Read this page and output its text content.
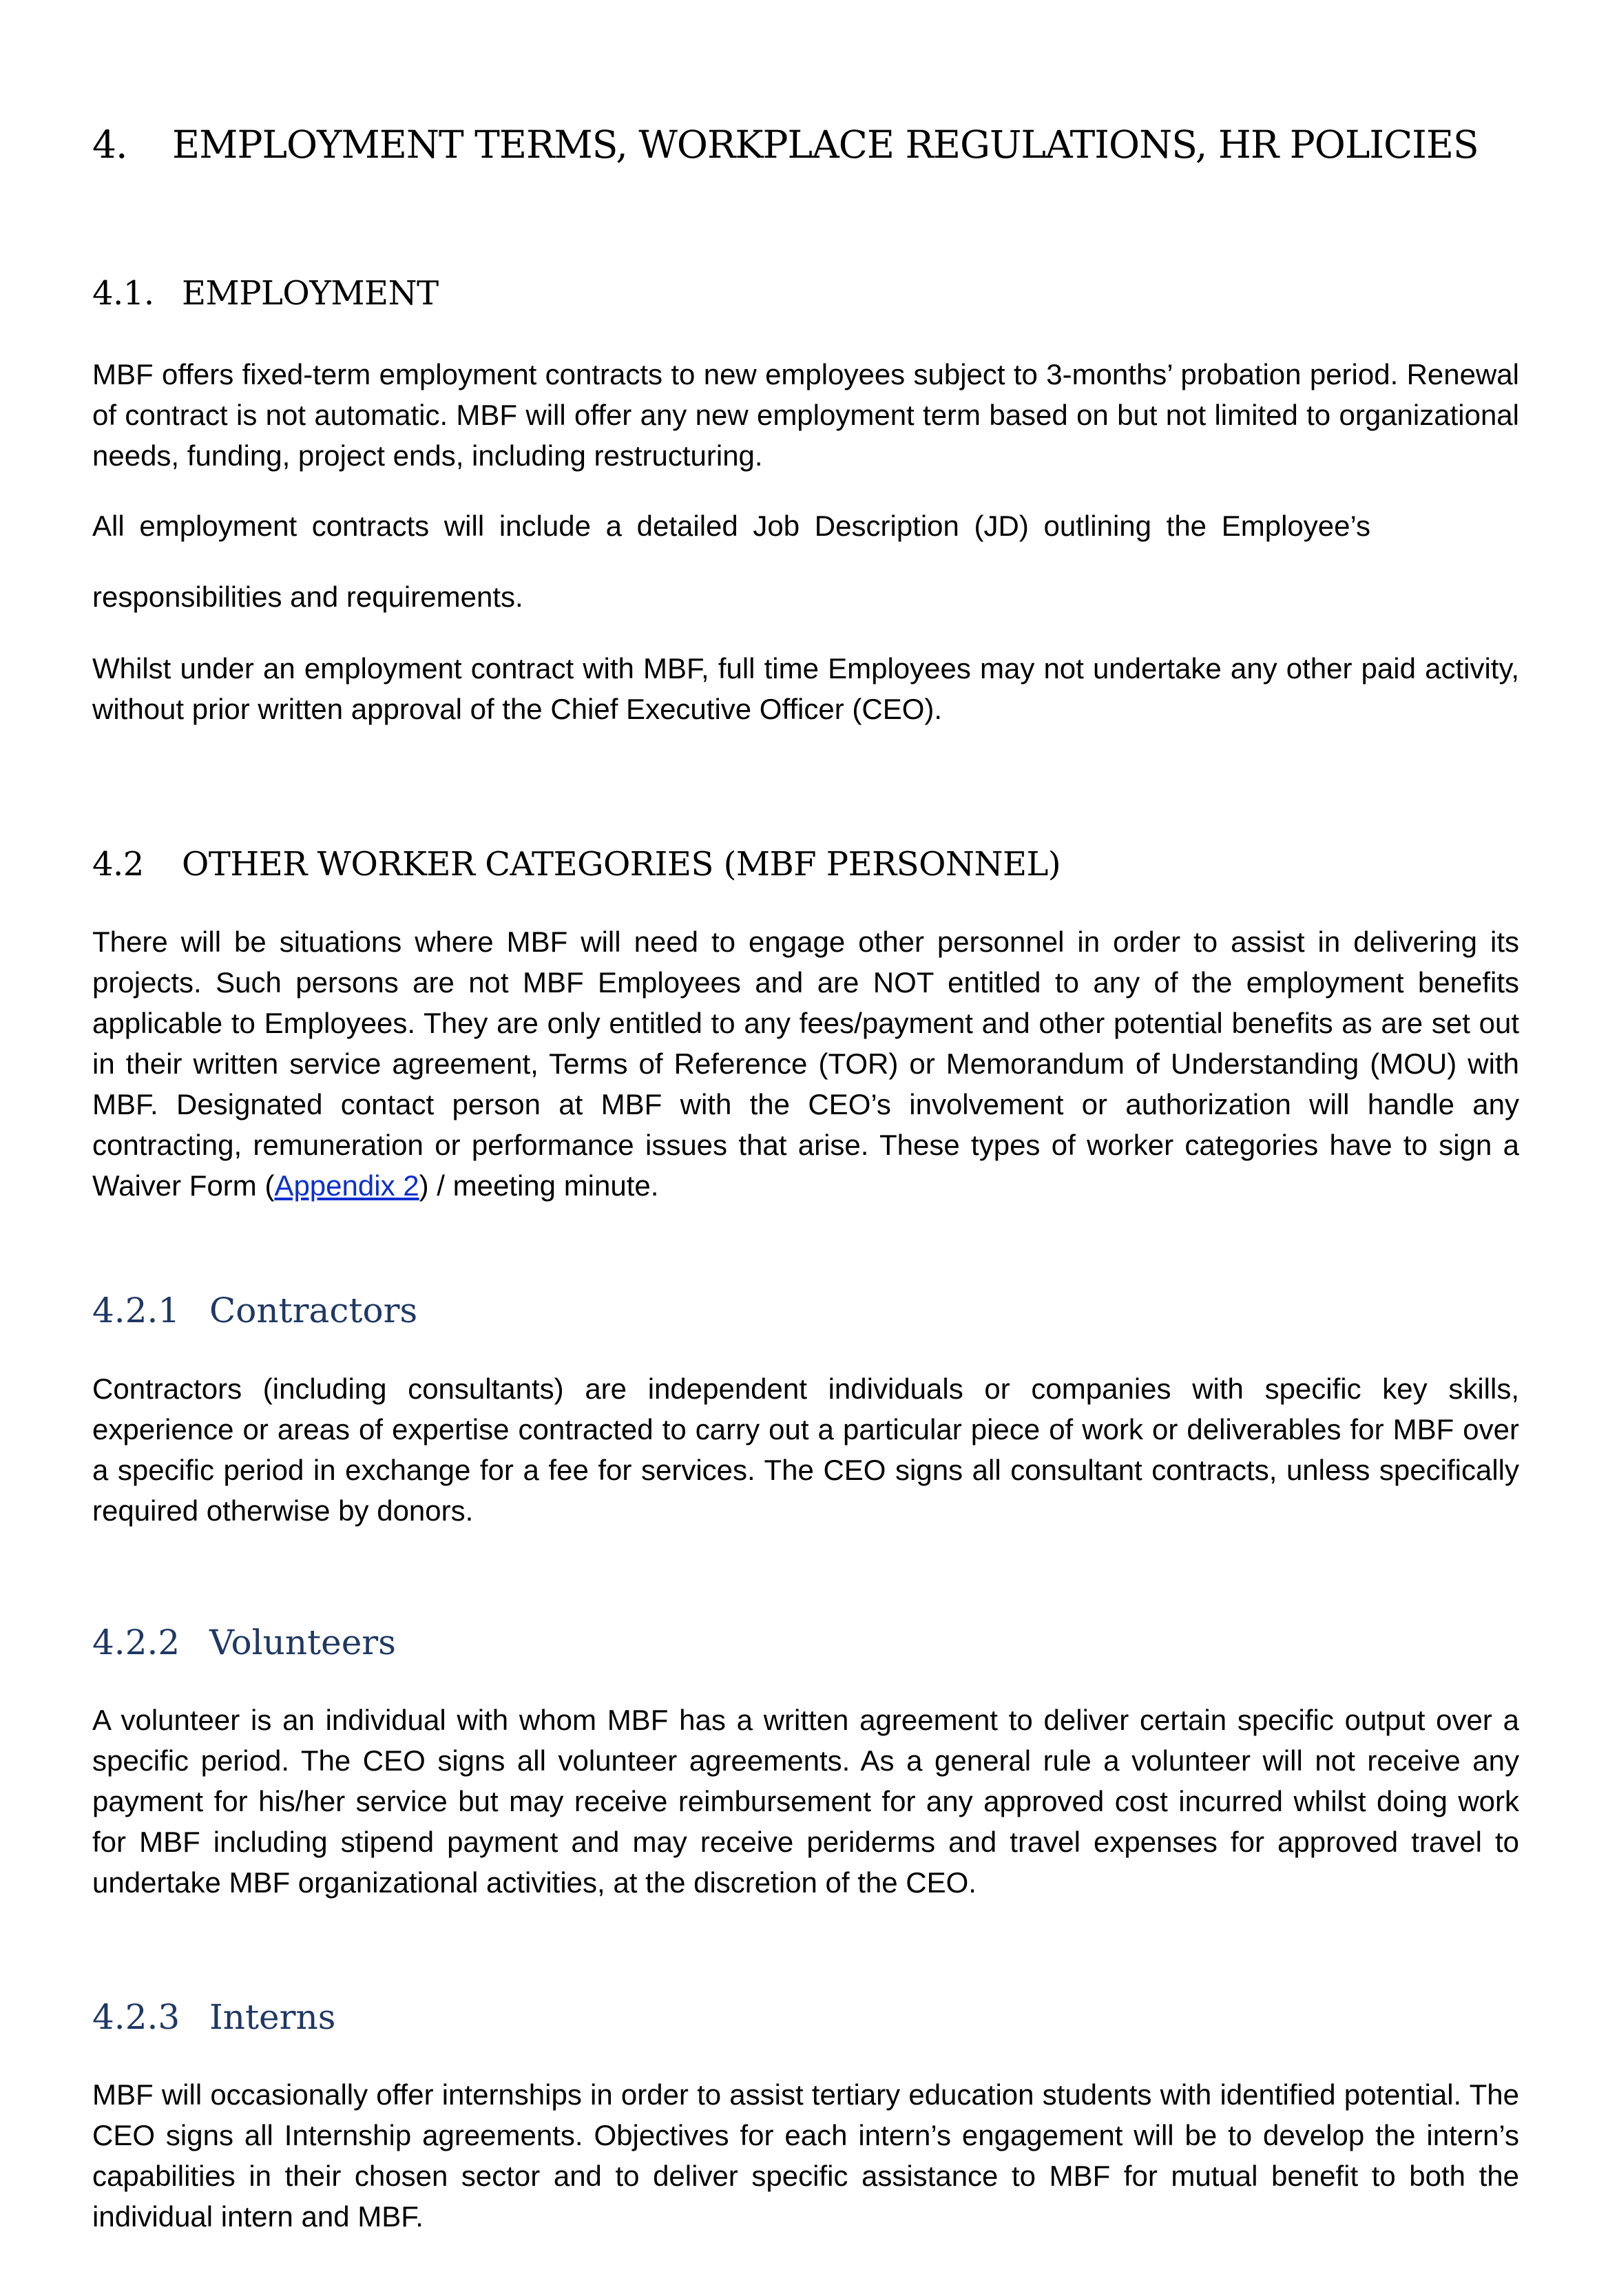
4. EMPLOYMENT TERMS, WORKPLACE REGULATIONS, HR POLICIES
4.1. EMPLOYMENT

MBF offers fixed-term employment contracts to new employees subject to 3-months’ probation period. Renewal of contract is not automatic. MBF will offer any new employment term based on but not limited to organizational needs, funding, project ends, including restructuring.

All employment contracts will include a detailed Job Description (JD) outlining the Employee’s

responsibilities and requirements.

Whilst under an employment contract with MBF, full time Employees may not undertake any other paid activity, without prior written approval of the Chief Executive Officer (CEO).

4.2 OTHER WORKER CATEGORIES (MBF PERSONNEL)

There will be situations where MBF will need to engage other personnel in order to assist in delivering its projects. Such persons are not MBF Employees and are NOT entitled to any of the employment benefits applicable to Employees. They are only entitled to any fees/payment and other potential benefits as are set out in their written service agreement, Terms of Reference (TOR) or Memorandum of Understanding (MOU) with MBF. Designated contact person at MBF with the CEO’s involvement or authorization will handle any contracting, remuneration or performance issues that arise. These types of worker categories have to sign a Waiver Form (Appendix 2) / meeting minute.

4.2.1 Contractors

Contractors (including consultants) are independent individuals or companies with specific key skills, experience or areas of expertise contracted to carry out a particular piece of work or deliverables for MBF over a specific period in exchange for a fee for services. The CEO signs all consultant contracts, unless specifically required otherwise by donors.

4.2.2 Volunteers

A volunteer is an individual with whom MBF has a written agreement to deliver certain specific output over a specific period. The CEO signs all volunteer agreements. As a general rule a volunteer will not receive any payment for his/her service but may receive reimbursement for any approved cost incurred whilst doing work for MBF including stipend payment and may receive periderms and travel expenses for approved travel to undertake MBF organizational activities, at the discretion of the CEO.

4.2.3 Interns

MBF will occasionally offer internships in order to assist tertiary education students with identified potential. The CEO signs all Internship agreements. Objectives for each intern’s engagement will be to develop the intern’s capabilities in their chosen sector and to deliver specific assistance to MBF for mutual benefit to both the individual intern and MBF.
